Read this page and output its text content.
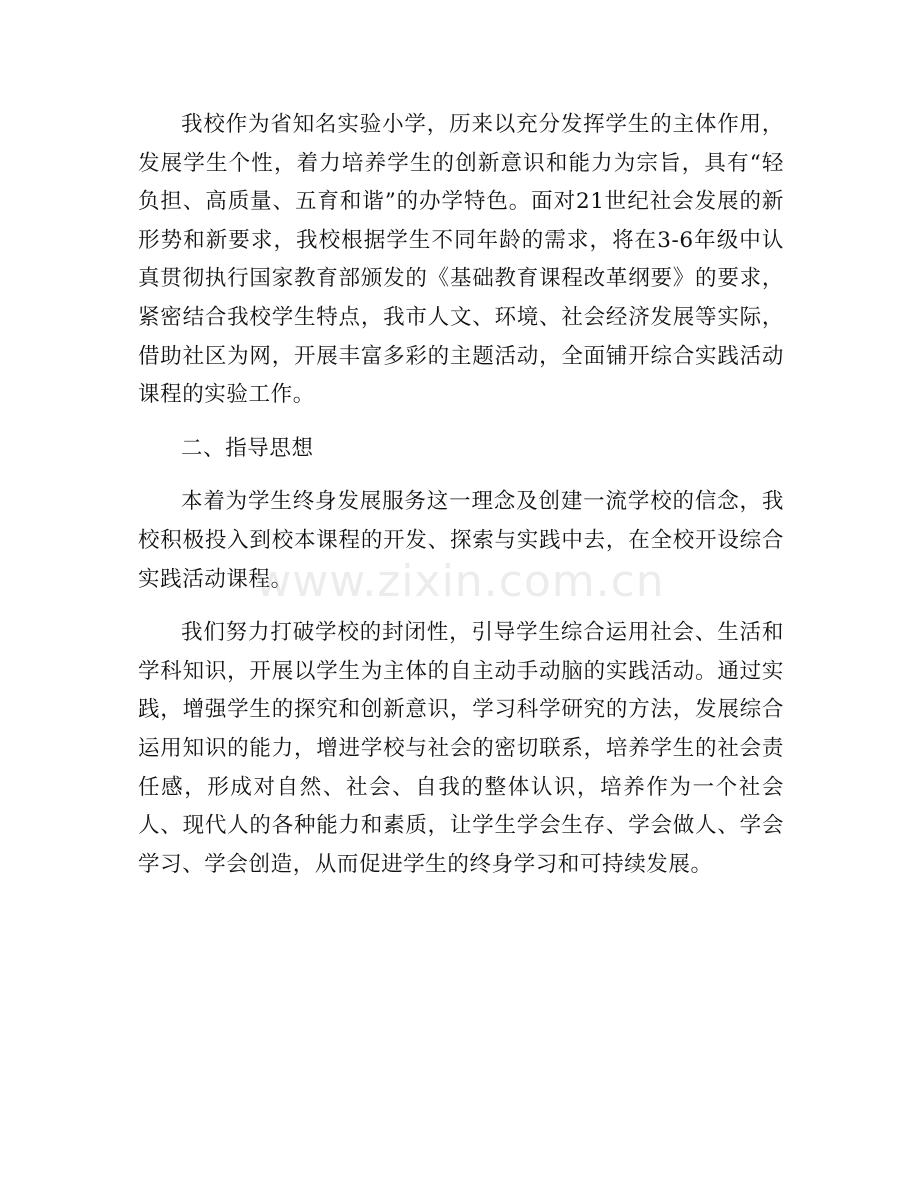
我校作为省知名实验小学，历来以充分发挥学生的主体作用，发展学生个性，着力培养学生的创新意识和能力为宗旨，具有“轻负担、高质量、五育和谐”的办学特色。面对21世纪社会发展的新形势和新要求，我校根据学生不同年龄的需求，将在3-6年级中认真贯彻执行国家教育部颁发的《基础教育课程改革纲要》的要求，紧密结合我校学生特点，我市人文、环境、社会经济发展等实际，借助社区为网，开展丰富多彩的主题活动，全面铺开综合实践活动课程的实验工作。

二、指导思想

本着为学生终身发展服务这一理念及创建一流学校的信念，我校积极投入到校本课程的开发、探索与实践中去，在全校开设综合实践活动课程。

我们努力打破学校的封闭性，引导学生综合运用社会、生活和学科知识，开展以学生为主体的自主动手动脑的实践活动。通过实践，增强学生的探究和创新意识，学习科学研究的方法，发展综合运用知识的能力，增进学校与社会的密切联系，培养学生的社会责任感，形成对自然、社会、自我的整体认识，培养作为一个社会人、现代人的各种能力和素质，让学生学会生存、学会做人、学会学习、学会创造，从而促进学生的终身学习和可持续发展。

www.zixin.com.cn
